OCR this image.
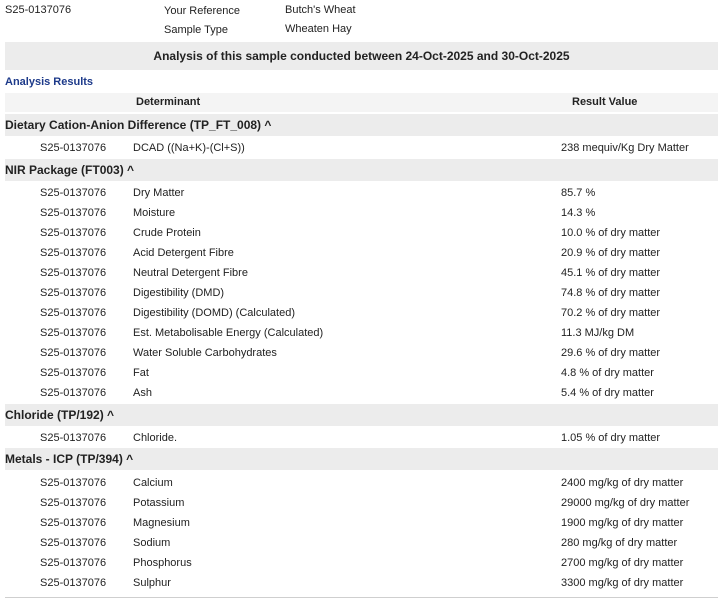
S25-0137076	Your Reference	Butch's Wheat
Sample Type	Wheaten Hay
Analysis of this sample conducted between 24-Oct-2025 and 30-Oct-2025
Analysis Results
Determinant	Result Value
Dietary Cation-Anion Difference (TP_FT_008) ^
S25-0137076 DCAD ((Na+K)-(Cl+S))	238 mequiv/Kg Dry Matter
NIR Package (FT003) ^
S25-0137076 Dry Matter	85.7 %
S25-0137076 Moisture	14.3 %
S25-0137076 Crude Protein	10.0 % of dry matter
S25-0137076 Acid Detergent Fibre	20.9 % of dry matter
S25-0137076 Neutral Detergent Fibre	45.1 % of dry matter
S25-0137076 Digestibility (DMD)	74.8 % of dry matter
S25-0137076 Digestibility (DOMD) (Calculated)	70.2 % of dry matter
S25-0137076 Est. Metabolisable Energy (Calculated)	11.3 MJ/kg DM
S25-0137076 Water Soluble Carbohydrates	29.6 % of dry matter
S25-0137076 Fat	4.8 % of dry matter
S25-0137076 Ash	5.4 % of dry matter
Chloride (TP/192) ^
S25-0137076 Chloride.	1.05 % of dry matter
Metals - ICP (TP/394) ^
S25-0137076 Calcium	2400 mg/kg of dry matter
S25-0137076 Potassium	29000 mg/kg of dry matter
S25-0137076 Magnesium	1900 mg/kg of dry matter
S25-0137076 Sodium	280 mg/kg of dry matter
S25-0137076 Phosphorus	2700 mg/kg of dry matter
S25-0137076 Sulphur	3300 mg/kg of dry matter
